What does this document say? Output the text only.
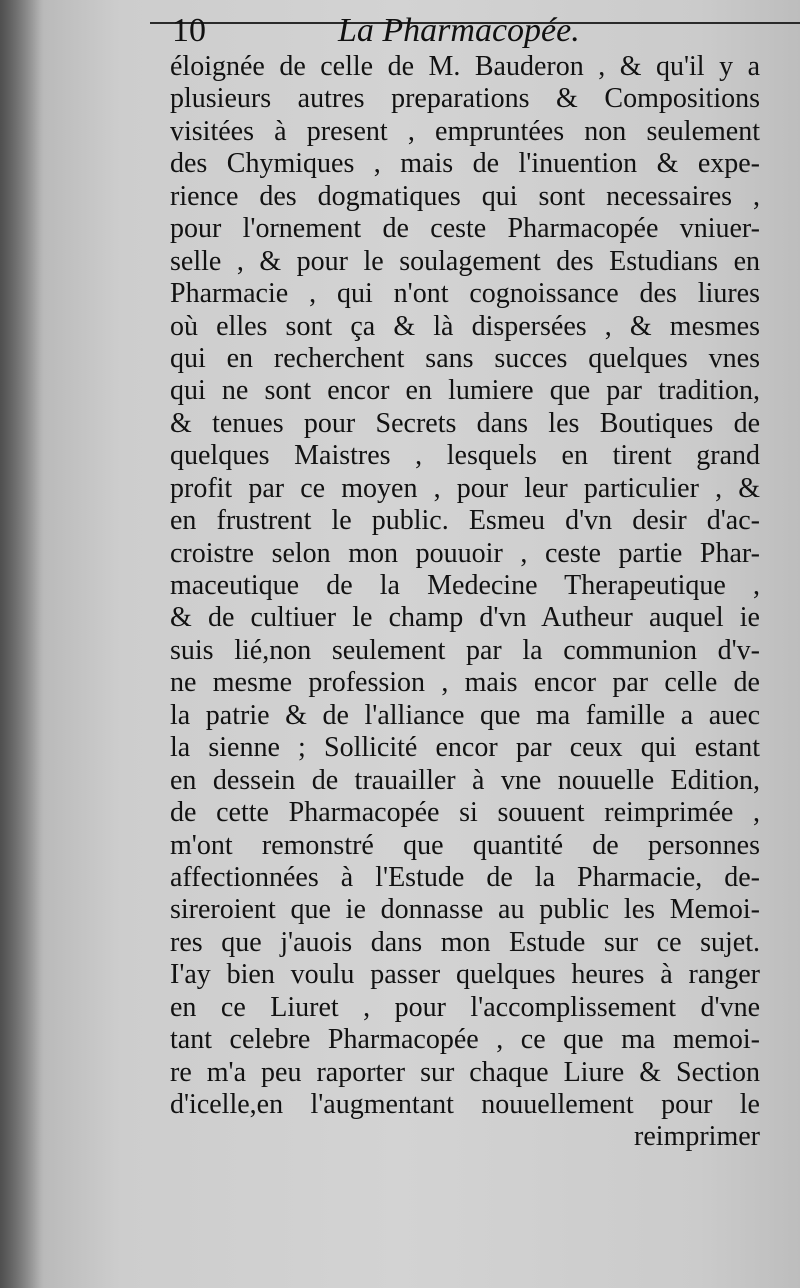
10	La Pharmacopée.
éloignée de celle de M. Bauderon , & qu'il y a
plusieurs autres preparations & Compositions
visitées à present , empruntées non seulement
des Chymiques , mais de l'inuention & expe-
rience des dogmatiques qui sont necessaires ,
pour l'ornement de ceste Pharmacopée vniuer-
selle , & pour le soulagement des Estudians en
Pharmacie , qui n'ont cognoissance des liures
où elles sont ça & là dispersées , & mesmes
qui en recherchent sans succes quelques vnes
qui ne sont encor en lumiere que par tradition,
& tenues pour Secrets dans les Boutiques de
quelques Maistres , lesquels en tirent grand
profit par ce moyen , pour leur particulier , &
en frustrent le public. Esmeu d'vn desir d'ac-
croistre selon mon pouuoir , ceste partie Phar-
maceutique de la Medecine Therapeutique ,
& de cultiuer le champ d'vn Autheur auquel ie
suis lié,non seulement par la communion d'v-
ne mesme profession , mais encor par celle de
la patrie & de l'alliance que ma famille a auec
la sienne ; Sollicité encor par ceux qui estant
en dessein de trauailler à vne nouuelle Edition,
de cette Pharmacopée si souuent reimprimée ,
m'ont remonstré que quantité de personnes
affectionnées à l'Estude de la Pharmacie, de-
sireroient que ie donnasse au public les Memoi-
res que j'auois dans mon Estude sur ce sujet.
I'ay bien voulu passer quelques heures à ranger
en ce Liuret , pour l'accomplissement d'vne
tant celebre Pharmacopée , ce que ma memoi-
re m'a peu raporter sur chaque Liure & Section
d'icelle,en l'augmentant nouuellement pour le
reimprimer
